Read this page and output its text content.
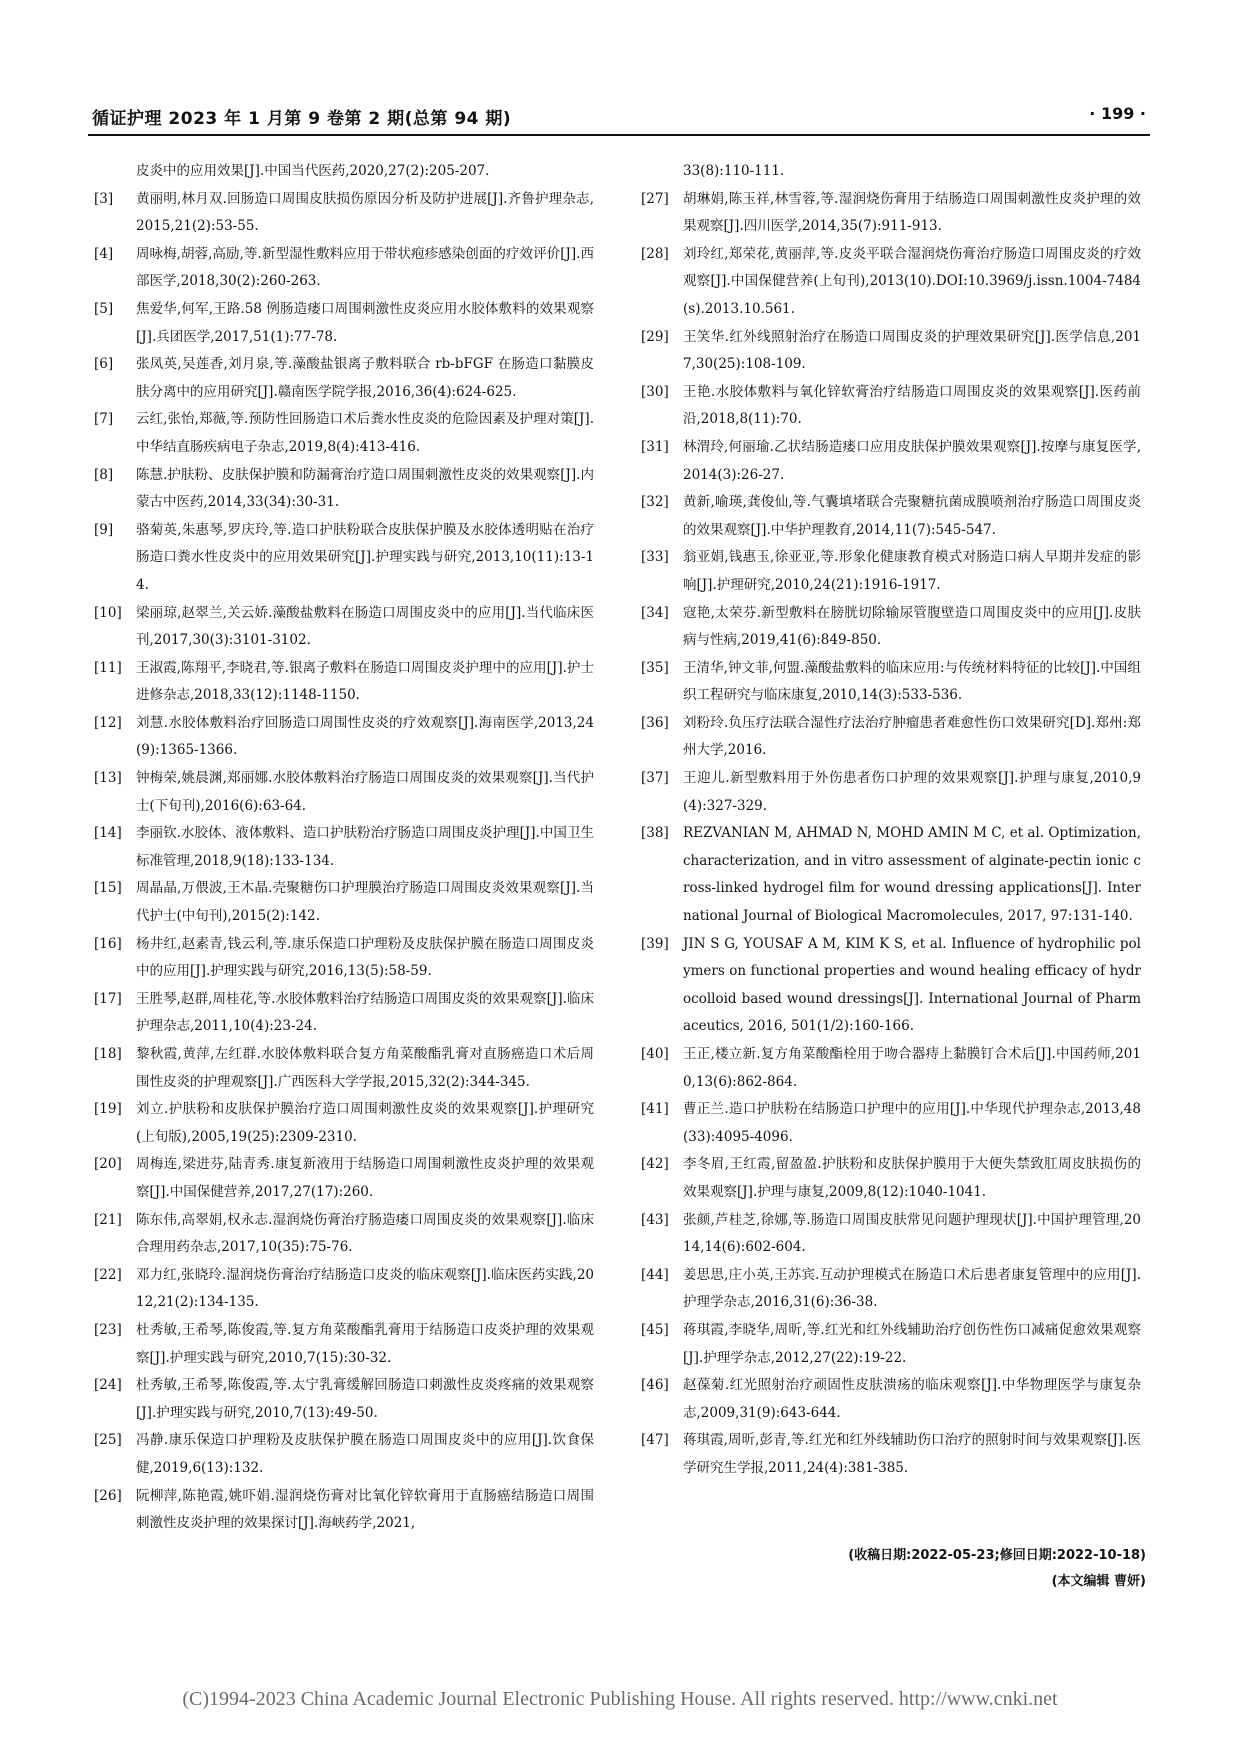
循证护理 2023 年 1 月第 9 卷第 2 期(总第 94 期)	· 199 ·
皮炎中的应用效果[J].中国当代医药,2020,27(2):205-207.
[3] 黄丽明,林月双.回肠造口周围皮肤损伤原因分析及防护进展[J].齐鲁护理杂志,2015,21(2):53-55.
[4] 周咏梅,胡蓉,高励,等.新型湿性敷料应用于带状疱疹感染创面的疗效评价[J].西部医学,2018,30(2):260-263.
[5] 焦爱华,何军,王路.58 例肠造瘘口周围刺激性皮炎应用水胶体敷料的效果观察[J].兵团医学,2017,51(1):77-78.
[6] 张凤英,吴莲香,刘月泉,等.藻酸盐银离子敷料联合 rb-bFGF 在肠造口黏膜皮肤分离中的应用研究[J].赣南医学院学报,2016,36(4):624-625.
[7] 云红,张怡,郑薇,等.预防性回肠造口术后粪水性皮炎的危险因素及护理对策[J].中华结直肠疾病电子杂志,2019,8(4):413-416.
[8] 陈慧.护肤粉、皮肤保护膜和防漏膏治疗造口周围刺激性皮炎的效果观察[J].内蒙古中医药,2014,33(34):30-31.
[9] 骆菊英,朱惠琴,罗庆玲,等.造口护肤粉联合皮肤保护膜及水胶体透明贴在治疗肠造口粪水性皮炎中的应用效果研究[J].护理实践与研究,2013,10(11):13-14.
[10] 梁丽琼,赵翠兰,关云娇.藻酸盐敷料在肠造口周围皮炎中的应用[J].当代临床医刊,2017,30(3):3101-3102.
[11] 王淑霞,陈翔平,李晓君,等.银离子敷料在肠造口周围皮炎护理中的应用[J].护士进修杂志,2018,33(12):1148-1150.
[12] 刘慧.水胶体敷料治疗回肠造口周围性皮炎的疗效观察[J].海南医学,2013,24(9):1365-1366.
[13] 钟梅荣,姚晨渊,郑丽娜.水胶体敷料治疗肠造口周围皮炎的效果观察[J].当代护士(下旬刊),2016(6):63-64.
[14] 李丽钦.水胶体、液体敷料、造口护肤粉治疗肠造口周围皮炎护理[J].中国卫生标准管理,2018,9(18):133-134.
[15] 周晶晶,万偎波,王木晶.壳聚糖伤口护理膜治疗肠造口周围皮炎效果观察[J].当代护士(中旬刊),2015(2):142.
[16] 杨井红,赵素青,钱云利,等.康乐保造口护理粉及皮肤保护膜在肠造口周围皮炎中的应用[J].护理实践与研究,2016,13(5):58-59.
[17] 王胜琴,赵群,周桂花,等.水胶体敷料治疗结肠造口周围皮炎的效果观察[J].临床护理杂志,2011,10(4):23-24.
[18] 黎秋霞,黄萍,左红群.水胶体敷料联合复方角菜酸酯乳膏对直肠癌造口术后周围性皮炎的护理观察[J].广西医科大学学报,2015,32(2):344-345.
[19] 刘立.护肤粉和皮肤保护膜治疗造口周围刺激性皮炎的效果观察[J].护理研究(上旬版),2005,19(25):2309-2310.
[20] 周梅连,梁进芬,陆青秀.康复新液用于结肠造口周围刺激性皮炎护理的效果观察[J].中国保健营养,2017,27(17):260.
[21] 陈东伟,高翠娟,权永志.湿润烧伤膏治疗肠造瘘口周围皮炎的效果观察[J].临床合理用药杂志,2017,10(35):75-76.
[22] 邓力红,张晓玲.湿润烧伤膏治疗结肠造口皮炎的临床观察[J].临床医药实践,2012,21(2):134-135.
[23] 杜秀敏,王希琴,陈俊霞,等.复方角菜酸酯乳膏用于结肠造口皮炎护理的效果观察[J].护理实践与研究,2010,7(15):30-32.
[24] 杜秀敏,王希琴,陈俊霞,等.太宁乳膏缓解回肠造口刺激性皮炎疼痛的效果观察[J].护理实践与研究,2010,7(13):49-50.
[25] 冯静.康乐保造口护理粉及皮肤保护膜在肠造口周围皮炎中的应用[J].饮食保健,2019,6(13):132.
[26] 阮柳萍,陈艳霞,姚吓娟.湿润烧伤膏对比氧化锌软膏用于直肠癌结肠造口周围刺激性皮炎护理的效果探讨[J].海峡药学,2021,
33(8):110-111.
[27] 胡琳娟,陈玉祥,林雪蓉,等.湿润烧伤膏用于结肠造口周围刺激性皮炎护理的效果观察[J].四川医学,2014,35(7):911-913.
[28] 刘玲红,郑荣花,黄丽萍,等.皮炎平联合湿润烧伤膏治疗肠造口周围皮炎的疗效观察[J].中国保健营养(上旬刊),2013(10).DOI:10.3969/j.issn.1004-7484(s).2013.10.561.
[29] 王笑华.红外线照射治疗在肠造口周围皮炎的护理效果研究[J].医学信息,2017,30(25):108-109.
[30] 王艳.水胶体敷料与氧化锌软膏治疗结肠造口周围皮炎的效果观察[J].医药前沿,2018,8(11):70.
[31] 林渭玲,何丽瑜.乙状结肠造瘘口应用皮肤保护膜效果观察[J].按摩与康复医学,2014(3):26-27.
[32] 黄新,喻瑛,龚俊仙,等.气囊填堵联合壳聚糖抗菌成膜喷剂治疗肠造口周围皮炎的效果观察[J].中华护理教育,2014,11(7):545-547.
[33] 翁亚娟,钱惠玉,徐亚亚,等.形象化健康教育模式对肠造口病人早期并发症的影响[J].护理研究,2010,24(21):1916-1917.
[34] 寇艳,太荣芬.新型敷料在膀胱切除输尿管腹壁造口周围皮炎中的应用[J].皮肤病与性病,2019,41(6):849-850.
[35] 王清华,钟文菲,何盟.藻酸盐敷料的临床应用:与传统材料特征的比较[J].中国组织工程研究与临床康复,2010,14(3):533-536.
[36] 刘粉玲.负压疗法联合湿性疗法治疗肿瘤患者难愈性伤口效果研究[D].郑州:郑州大学,2016.
[37] 王迎儿.新型敷料用于外伤患者伤口护理的效果观察[J].护理与康复,2010,9(4):327-329.
[38] REZVANIAN M, AHMAD N, MOHD AMIN M C, et al. Optimization, characterization, and in vitro assessment of alginate-pectin ionic cross-linked hydrogel film for wound dressing applications[J]. International Journal of Biological Macromolecules, 2017, 97:131-140.
[39] JIN S G, YOUSAF A M, KIM K S, et al. Influence of hydrophilic polymers on functional properties and wound healing efficacy of hydrocolloid based wound dressings[J]. International Journal of Pharmaceutics, 2016, 501(1/2):160-166.
[40] 王正,楼立新.复方角菜酸酯栓用于吻合器痔上黏膜钉合术后[J].中国药师,2010,13(6):862-864.
[41] 曹正兰.造口护肤粉在结肠造口护理中的应用[J].中华现代护理杂志,2013,48(33):4095-4096.
[42] 李冬眉,王红霞,留盈盈.护肤粉和皮肤保护膜用于大便失禁致肛周皮肤损伤的效果观察[J].护理与康复,2009,8(12):1040-1041.
[43] 张颜,芦桂芝,徐娜,等.肠造口周围皮肤常见问题护理现状[J].中国护理管理,2014,14(6):602-604.
[44] 姜思思,庄小英,王苏宾.互动护理模式在肠造口术后患者康复管理中的应用[J].护理学杂志,2016,31(6):36-38.
[45] 蒋琪霞,李晓华,周昕,等.红光和红外线辅助治疗创伤性伤口减痛促愈效果观察[J].护理学杂志,2012,27(22):19-22.
[46] 赵葆菊.红光照射治疗顽固性皮肤溃疡的临床观察[J].中华物理医学与康复杂志,2009,31(9):643-644.
[47] 蒋琪霞,周昕,彭青,等.红光和红外线辅助伤口治疗的照射时间与效果观察[J].医学研究生学报,2011,24(4):381-385.
(收稿日期:2022-05-23;修回日期:2022-10-18)
(本文编辑 曹妍)
(C)1994-2023 China Academic Journal Electronic Publishing House. All rights reserved. http://www.cnki.net
